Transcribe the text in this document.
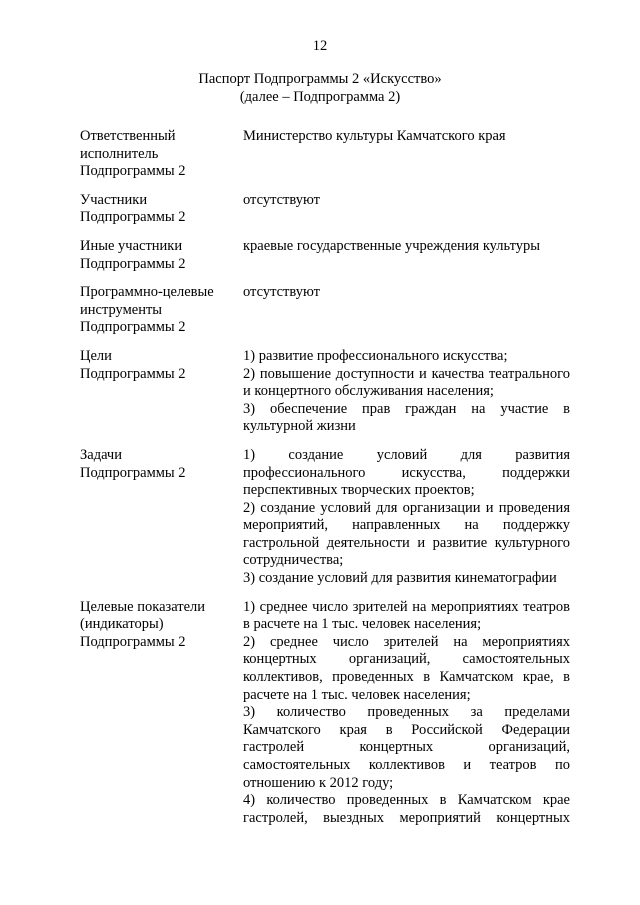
12
Паспорт Подпрограммы 2 «Искусство»
(далее – Подпрограмма 2)
Ответственный
исполнитель
Подпрограммы 2
Министерство культуры Камчатского края
Участники
Подпрограммы 2
отсутствуют
Иные участники
Подпрограммы 2
краевые государственные учреждения культуры
Программно-целевые
инструменты
Подпрограммы 2
отсутствуют
Цели
Подпрограммы 2
1) развитие профессионального искусства;
2) повышение доступности и качества театрального и концертного обслуживания населения;
3) обеспечение прав граждан на участие в культурной жизни
Задачи
Подпрограммы 2
1) создание условий для развития профессионального искусства, поддержки перспективных творческих проектов;
2) создание условий для организации и проведения мероприятий, направленных на поддержку гастрольной деятельности и развитие культурного сотрудничества;
3) создание условий для развития кинематографии
Целевые показатели
(индикаторы)
Подпрограммы 2
1) среднее число зрителей на мероприятиях театров в расчете на 1 тыс. человек населения;
2) среднее число зрителей на мероприятиях концертных организаций, самостоятельных коллективов, проведенных в Камчатском крае, в расчете на 1 тыс. человек населения;
3) количество проведенных за пределами Камчатского края в Российской Федерации гастролей концертных организаций, самостоятельных коллективов и театров по отношению к 2012 году;
4) количество проведенных в Камчатском крае гастролей, выездных мероприятий концертных
